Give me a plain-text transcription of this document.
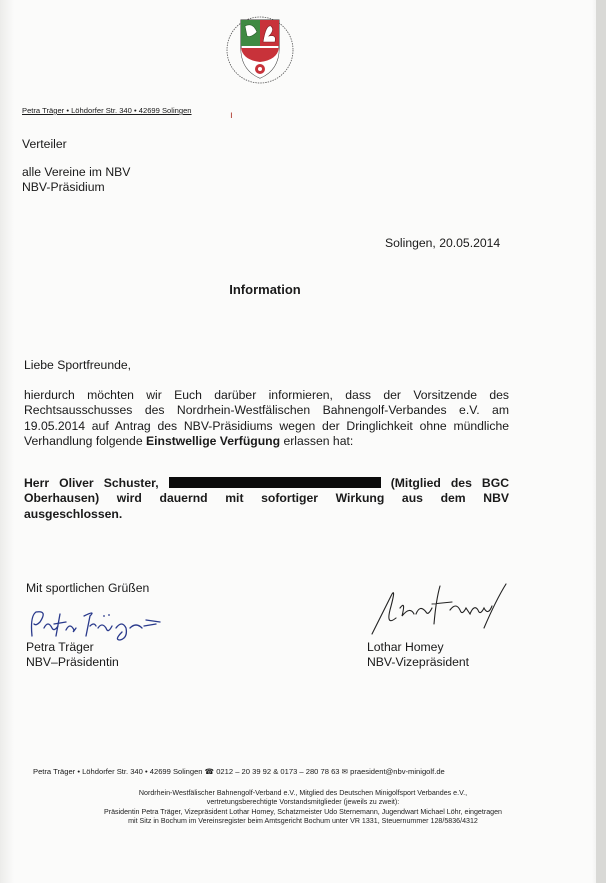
Petra Träger • Löhdorfer Str. 340 • 42699 Solingen	ı
Verteiler
alle Vereine im NBV
NBV-Präsidium
Solingen, 20.05.2014
Information
Liebe Sportfreunde,
hierdurch möchten wir Euch darüber informieren, dass der Vorsitzende des
Rechtsausschusses des Nordrhein-Westfälischen Bahnengolf-Verbandes e.V. am
19.05.2014 auf Antrag des NBV-Präsidiums wegen der Dringlichkeit ohne mündliche
Verhandlung folgende Einstwellige Verfügung erlassen hat:
Herr Oliver Schuster,	(Mitglied des BGC
Oberhausen) wird dauernd mit sofortiger Wirkung aus dem NBV
ausgeschlossen.
Mit sportlichen Grüßen
Petra Träger
NBV–Präsidentin
Lothar Homey
NBV-Vizepräsident
Petra Träger • Löhdorfer Str. 340 • 42699 Solingen ☎ 0212 – 20 39 92 & 0173 – 280 78 63 ✉ praesident@nbv-minigolf.de
Nordrhein-Westfälischer Bahnengolf-Verband e.V., Mitglied des Deutschen Minigolfsport Verbandes e.V.,
vertretungsberechtigte Vorstandsmitglieder (jeweils zu zweit):
Präsidentin Petra Träger, Vizepräsident Lothar Homey, Schatzmeister Udo Sternemann, Jugendwart Michael Löhr, eingetragen
mit Sitz in Bochum im Vereinsregister beim Amtsgericht Bochum unter VR 1331, Steuernummer 128/5836/4312
